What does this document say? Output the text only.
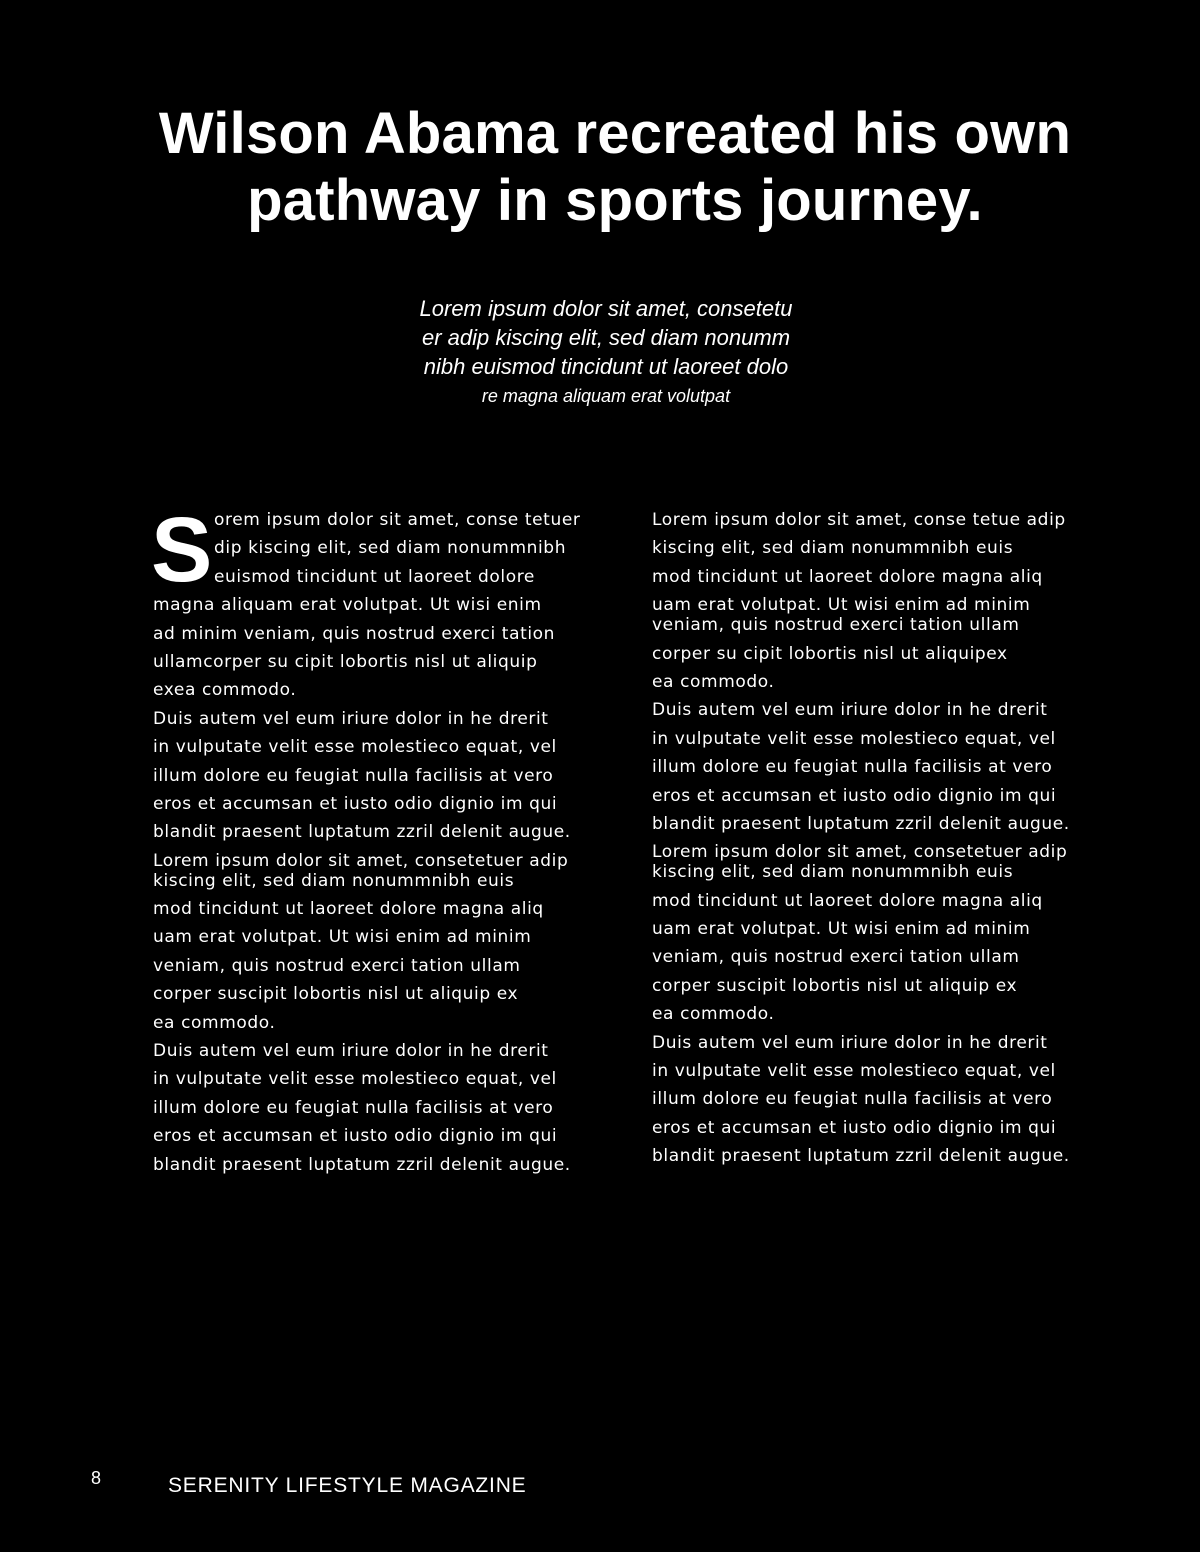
Wilson Abama recreated his own
pathway in sports journey.
Lorem ipsum dolor sit amet, consetetu
er adip kiscing elit, sed diam nonumm
nibh euismod tincidunt ut laoreet dolo
re magna aliquam erat volutpat
S orem ipsum dolor sit amet, conse tetuer
dip kiscing elit, sed diam nonummnibh
euismod tincidunt ut laoreet dolore
magna aliquam erat volutpat. Ut wisi enim
ad minim veniam, quis nostrud exerci tation
ullamcorper su cipit lobortis nisl ut aliquip
exea commodo.
Duis autem vel eum iriure dolor in he drerit
in vulputate velit esse molestieco equat, vel
illum dolore eu feugiat nulla facilisis at vero
eros et accumsan et iusto odio dignio im qui
blandit praesent luptatum zzril delenit augue.
Lorem ipsum dolor sit amet, consetetuer adip
kiscing elit, sed diam nonummnibh euis
mod tincidunt ut laoreet dolore magna aliq
uam erat volutpat. Ut wisi enim ad minim
veniam, quis nostrud exerci tation ullam
corper suscipit lobortis nisl ut aliquip ex
ea commodo.
Duis autem vel eum iriure dolor in he drerit
in vulputate velit esse molestieco equat, vel
illum dolore eu feugiat nulla facilisis at vero
eros et accumsan et iusto odio dignio im qui
blandit praesent luptatum zzril delenit augue.
Lorem ipsum dolor sit amet, conse tetue adip
kiscing elit, sed diam nonummnibh euis
mod tincidunt ut laoreet dolore magna aliq
uam erat volutpat. Ut wisi enim ad minim
veniam, quis nostrud exerci tation ullam
corper su cipit lobortis nisl ut aliquipex
ea commodo.
Duis autem vel eum iriure dolor in he drerit
in vulputate velit esse molestieco equat, vel
illum dolore eu feugiat nulla facilisis at vero
eros et accumsan et iusto odio dignio im qui
blandit praesent luptatum zzril delenit augue.
Lorem ipsum dolor sit amet, consetetuer adip
kiscing elit, sed diam nonummnibh euis
mod tincidunt ut laoreet dolore magna aliq
uam erat volutpat. Ut wisi enim ad minim
veniam, quis nostrud exerci tation ullam
corper suscipit lobortis nisl ut aliquip ex
ea commodo.
Duis autem vel eum iriure dolor in he drerit
in vulputate velit esse molestieco equat, vel
illum dolore eu feugiat nulla facilisis at vero
eros et accumsan et iusto odio dignio im qui
blandit praesent luptatum zzril delenit augue.
8	SERENITY LIFESTYLE MAGAZINE
